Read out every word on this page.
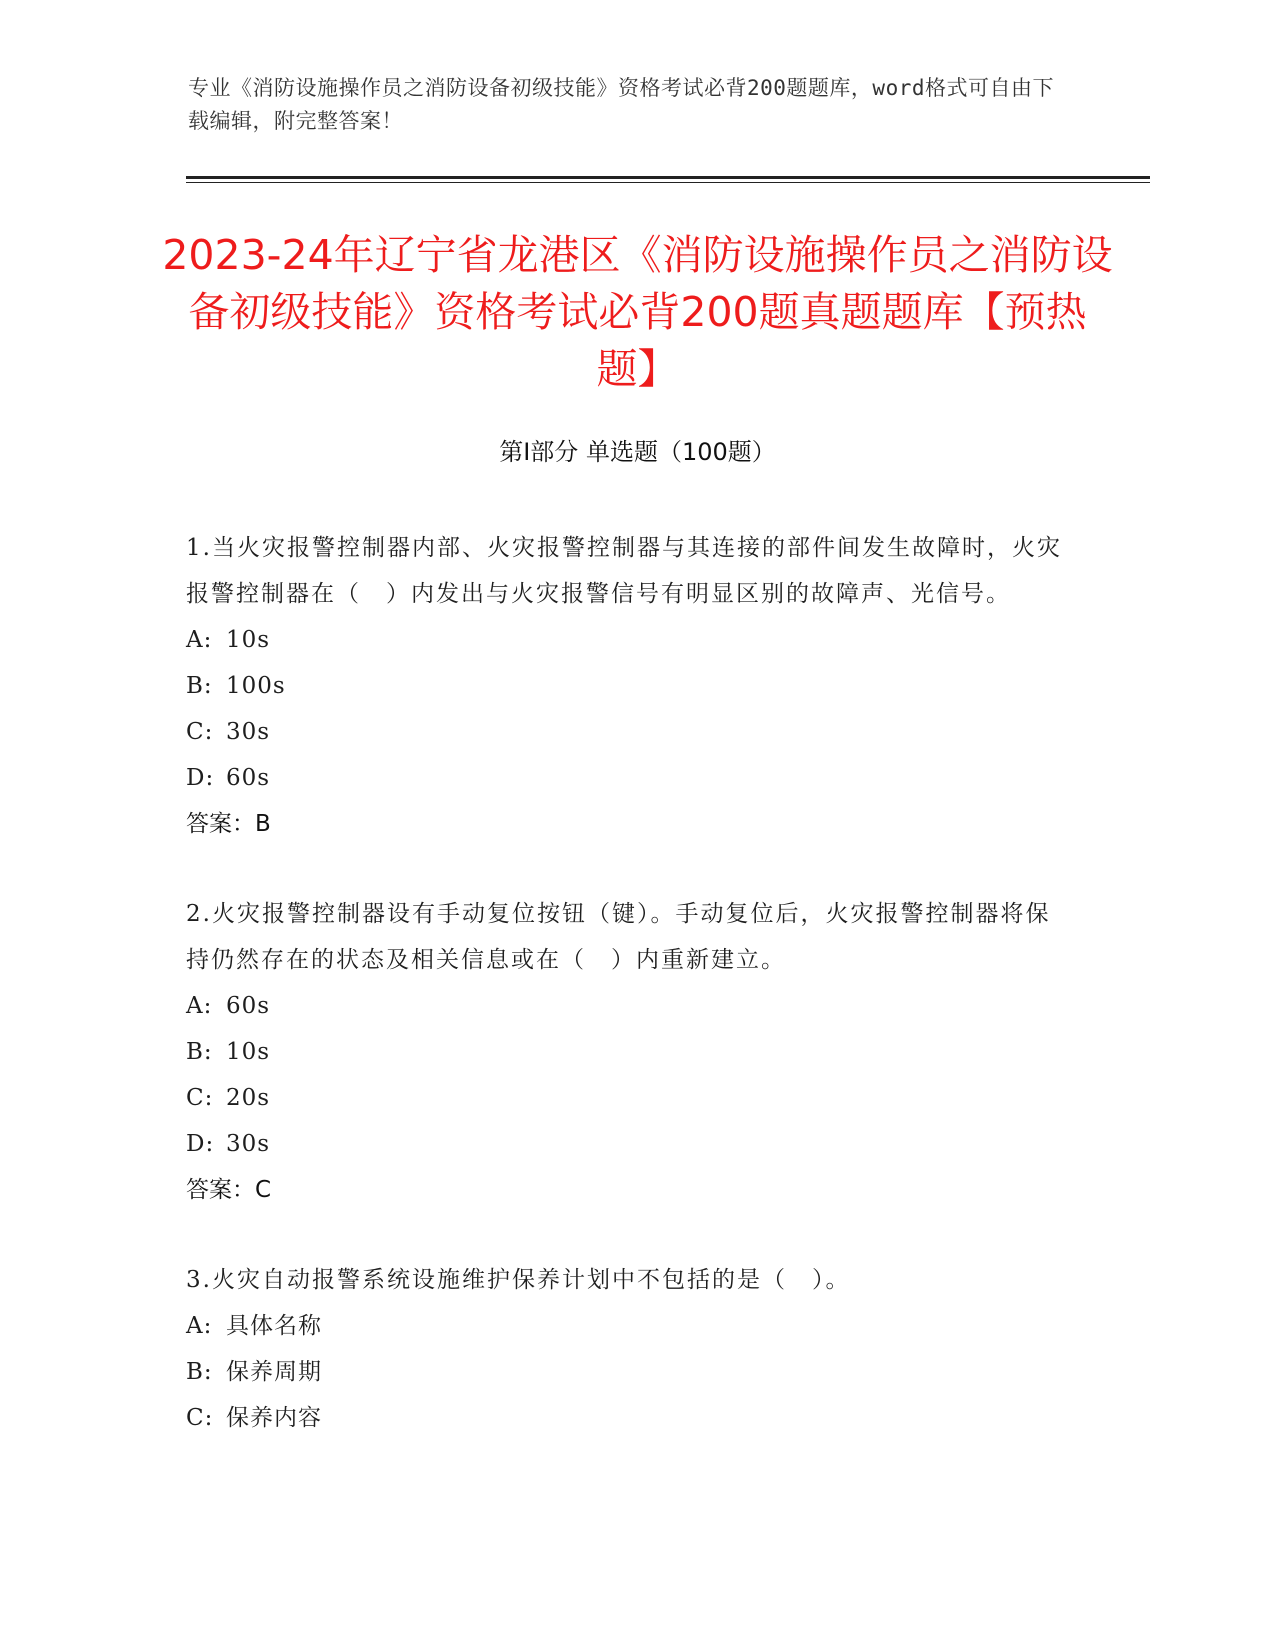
专业《消防设施操作员之消防设备初级技能》资格考试必背200题题库，word格式可自由下载编辑，附完整答案！
2023-24年辽宁省龙港区《消防设施操作员之消防设备初级技能》资格考试必背200题真题题库【预热题】
第Ⅰ部分 单选题（100题）

1.当火灾报警控制器内部、火灾报警控制器与其连接的部件间发生故障时，火灾报警控制器在（　）内发出与火灾报警信号有明显区别的故障声、光信号。

A: 10s

B: 100s

C: 30s

D: 60s

答案：B

2.火灾报警控制器设有手动复位按钮（键）。手动复位后，火灾报警控制器将保持仍然存在的状态及相关信息或在（　）内重新建立。

A: 60s

B: 10s

C: 20s

D: 30s

答案：C

3.火灾自动报警系统设施维护保养计划中不包括的是（　）。

A: 具体名称

B: 保养周期

C: 保养内容
